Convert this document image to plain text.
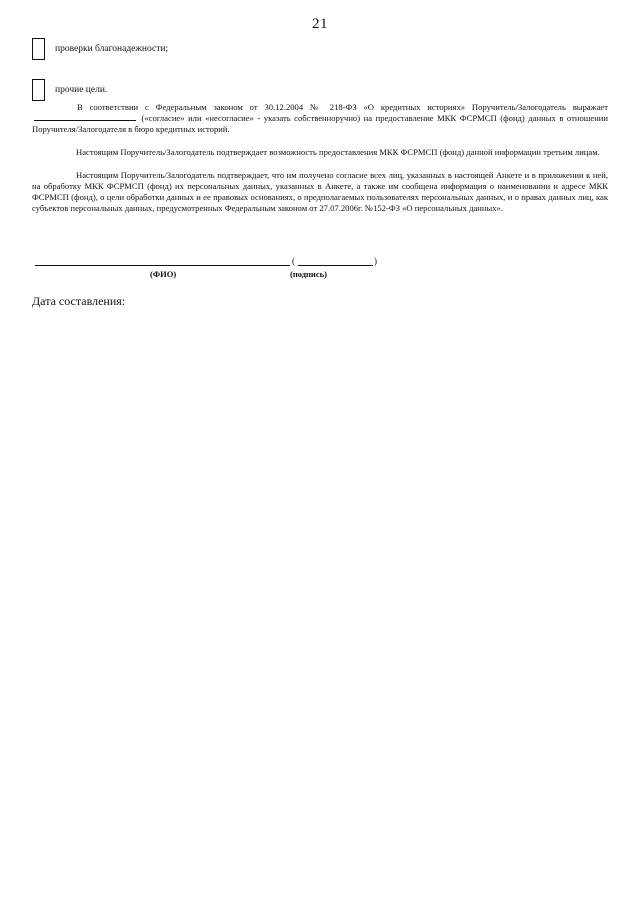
21
проверки благонадежности;
прочие цели.
В соответствии с Федеральным законом от 30.12.2004 № 218-ФЗ «О кредитных историях» Поручитель/Залогодатель выражает  («согласие» или «несогласие» - указать собственноручно) на предоставление МКК ФСРМСП (фонд) данных в отношении Поручителя/Залогодателя в бюро кредитных историй.
Настоящим Поручитель/Залогодатель подтверждает возможность предоставления МКК ФСРМСП (фонд) данной информации третьим лицам.
Настоящим Поручитель/Залогодатель подтверждает, что им получено согласие всех лиц, указанных в настоящей Анкете и в приложении к ней, на обработку МКК ФСРМСП (фонд) их персональных данных, указанных в Анкете, а также им сообщена информация о наименовании и адресе МКК ФСРМСП (фонд), о цели обработки данных и ее правовых основаниях, о предполагаемых пользователях персональных данных, и о правах данных лиц, как субъектов персональных данных, предусмотренных Федеральным законом от 27.07.2006г. №152-ФЗ «О персональных данных».
(	)
(ФИО)	(подпись)
Дата составления:
